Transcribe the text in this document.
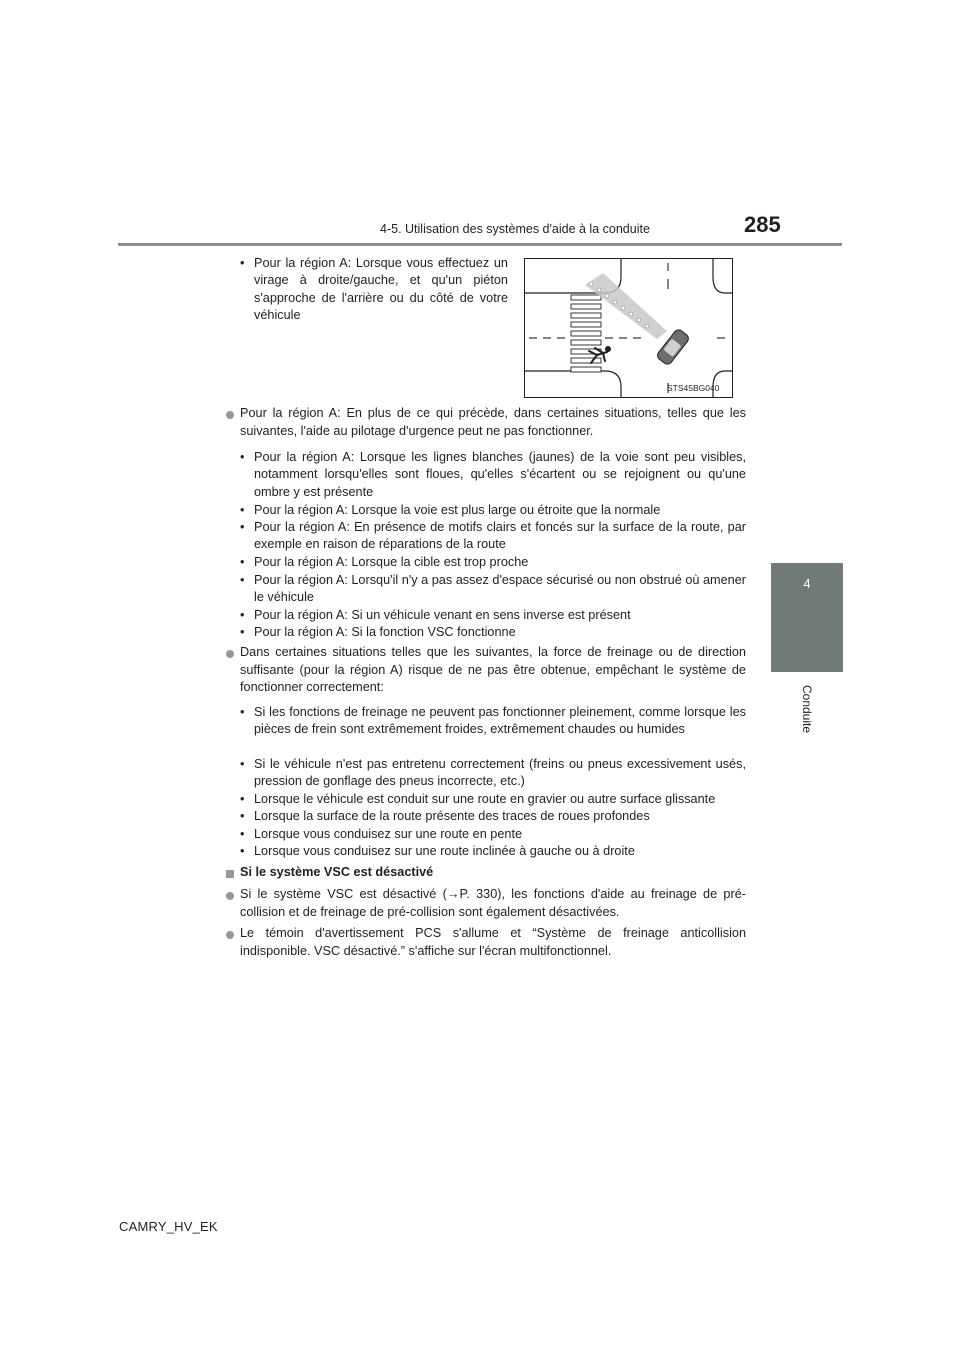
4-5. Utilisation des systèmes d'aide à la conduite	285
4
Conduite
• Pour la région A: Lorsque vous effectuez un virage à droite/gauche, et qu'un piéton s'approche de l'arrière ou du côté de votre véhicule
STS45BG040
Pour la région A: En plus de ce qui précède, dans certaines situations, telles que les suivantes, l'aide au pilotage d'urgence peut ne pas fonctionner.
• Pour la région A: Lorsque les lignes blanches (jaunes) de la voie sont peu visibles, notamment lorsqu'elles sont floues, qu'elles s'écartent ou se rejoignent ou qu'une ombre y est présente
• Pour la région A: Lorsque la voie est plus large ou étroite que la normale
• Pour la région A: En présence de motifs clairs et foncés sur la surface de la route, par exemple en raison de réparations de la route
• Pour la région A: Lorsque la cible est trop proche
• Pour la région A: Lorsqu'il n'y a pas assez d'espace sécurisé ou non obstrué où amener le véhicule
• Pour la région A: Si un véhicule venant en sens inverse est présent
• Pour la région A: Si la fonction VSC fonctionne
Dans certaines situations telles que les suivantes, la force de freinage ou de direction suffisante (pour la région A) risque de ne pas être obtenue, empêchant le système de fonctionner correctement:
• Si les fonctions de freinage ne peuvent pas fonctionner pleinement, comme lorsque les pièces de frein sont extrêmement froides, extrêmement chaudes ou humides
• Si le véhicule n'est pas entretenu correctement (freins ou pneus excessivement usés, pression de gonflage des pneus incorrecte, etc.)
• Lorsque le véhicule est conduit sur une route en gravier ou autre surface glissante
• Lorsque la surface de la route présente des traces de roues profondes
• Lorsque vous conduisez sur une route en pente
• Lorsque vous conduisez sur une route inclinée à gauche ou à droite
Si le système VSC est désactivé
Si le système VSC est désactivé (→P. 330), les fonctions d'aide au freinage de pré-collision et de freinage de pré-collision sont également désactivées.
Le témoin d'avertissement PCS s'allume et “Système de freinage anticollision indisponible. VSC désactivé.” s'affiche sur l'écran multifonctionnel.
CAMRY_HV_EK
